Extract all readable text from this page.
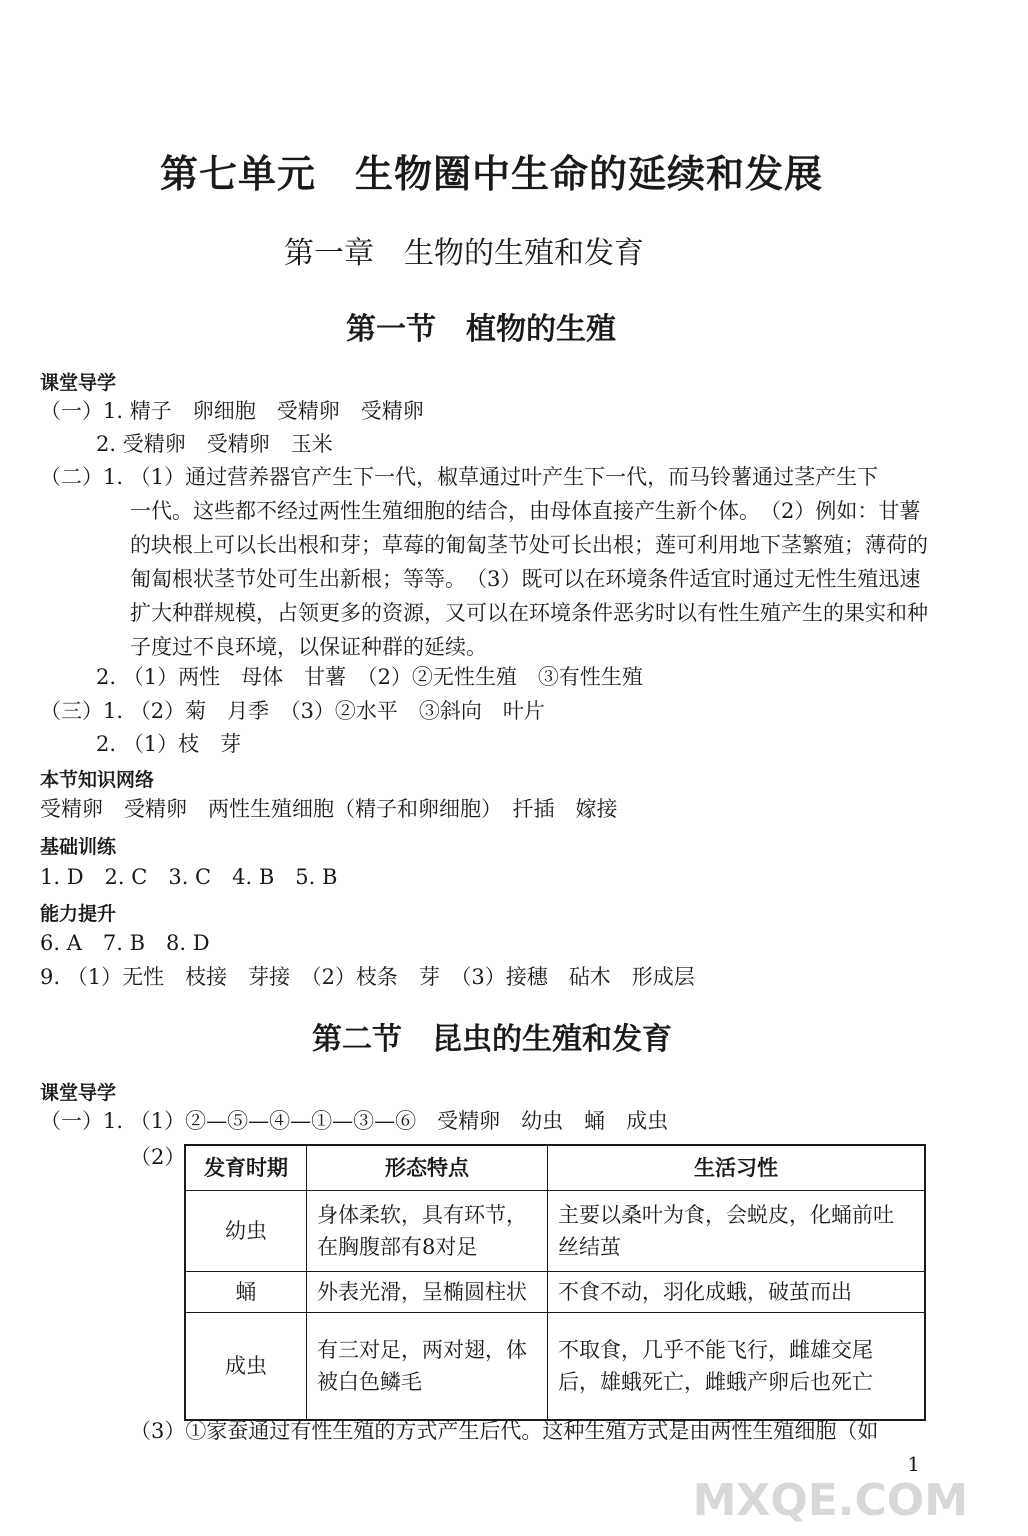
第七单元　生物圈中生命的延续和发展
第一章　生物的生殖和发育
第一节　植物的生殖
课堂导学
（一）1. 精子　卵细胞　受精卵　受精卵
2. 受精卵　受精卵　玉米
（二）1. （1）通过营养器官产生下一代，椒草通过叶产生下一代，而马铃薯通过茎产生下
一代。这些都不经过两性生殖细胞的结合，由母体直接产生新个体。　（2）例如：甘薯的块根上可以长出根和芽；草莓的匍匐茎节处可长出根；莲可利用地下茎繁殖；薄荷的匍匐根状茎节处可生出新根；等等。　（3）既可以在环境条件适宜时通过无性生殖迅速扩大种群规模，占领更多的资源，又可以在环境条件恶劣时以有性生殖产生的果实和种子度过不良环境，以保证种群的延续。
2. （1）两性　母体　甘薯　（2）②无性生殖　③有性生殖
（三）1. （2）菊　月季　（3）②水平　③斜向　叶片
2. （1）枝　芽
本节知识网络
受精卵　受精卵　两性生殖细胞（精子和卵细胞）　扦插　嫁接
基础训练
1. D　2. C　3. C　4. B　5. B
能力提升
6. A　7. B　8. D
9. （1）无性　枝接　芽接　（2）枝条　芽　（3）接穗　砧木　形成层
第二节　昆虫的生殖和发育
课堂导学
（一）1. （1）②—⑤—④—①—③—⑥　受精卵　幼虫　蛹　成虫
（2） 发育时期	形态特点	生活习性
幼虫	身体柔软，具有环节，在胸腹部有8对足	主要以桑叶为食，会蜕皮，化蛹前吐丝结茧
蛹	外表光滑，呈椭圆柱状	不食不动，羽化成蛾，破茧而出
成虫	有三对足，两对翅，体被白色鳞毛	不取食，几乎不能飞行，雌雄交尾后，雄蛾死亡，雌蛾产卵后也死亡
（3）①家蚕通过有性生殖的方式产生后代。这种生殖方式是由两性生殖细胞（如
1
MXQE.COM
